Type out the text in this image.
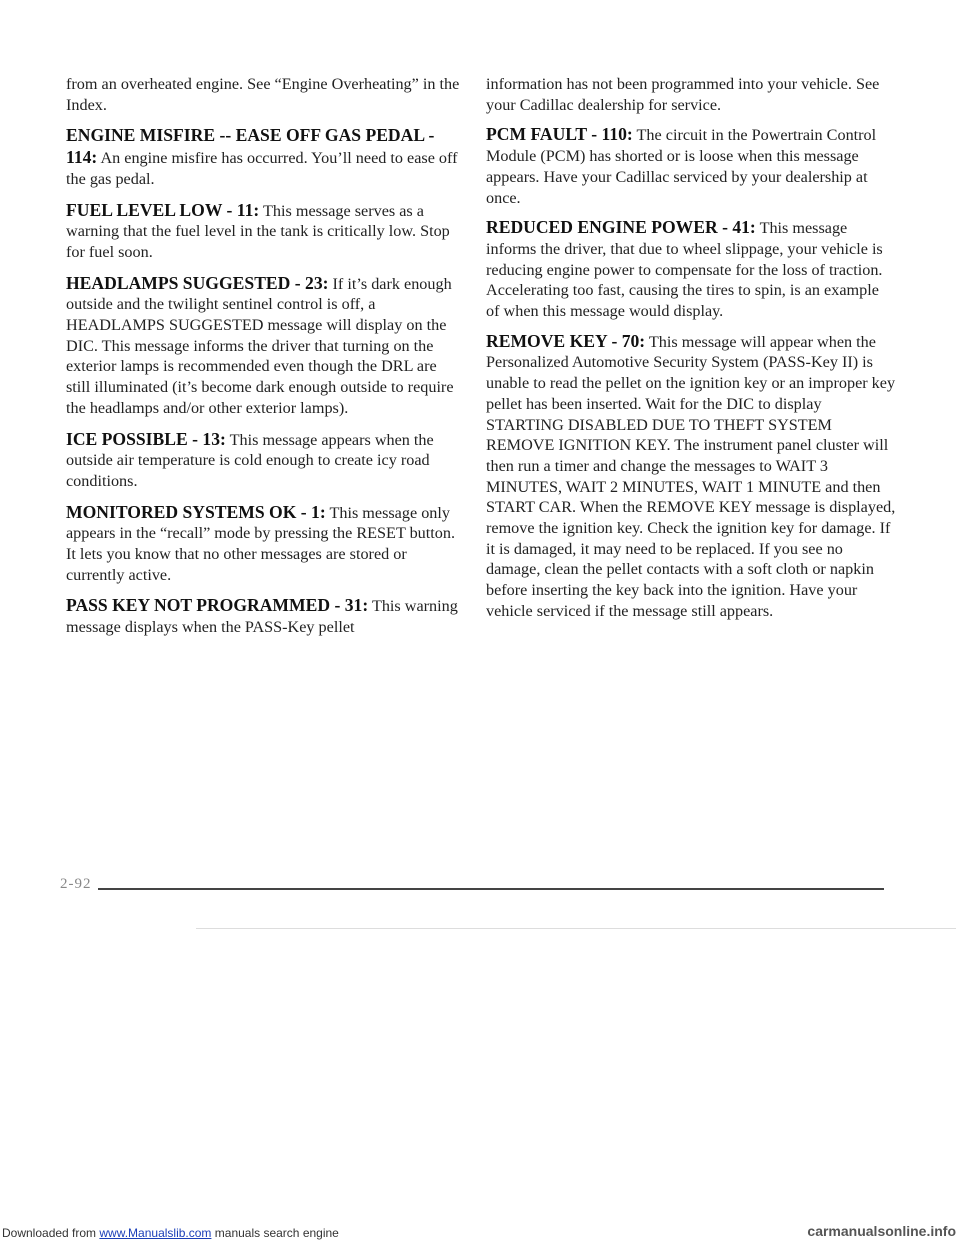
from an overheated engine. See “Engine Overheating” in the Index.

ENGINE MISFIRE -- EASE OFF GAS PEDAL - 114: An engine misfire has occurred. You’ll need to ease off the gas pedal.

FUEL LEVEL LOW - 11: This message serves as a warning that the fuel level in the tank is critically low. Stop for fuel soon.

HEADLAMPS SUGGESTED - 23: If it’s dark enough outside and the twilight sentinel control is off, a HEADLAMPS SUGGESTED message will display on the DIC. This message informs the driver that turning on the exterior lamps is recommended even though the DRL are still illuminated (it’s become dark enough outside to require the headlamps and/or other exterior lamps).

ICE POSSIBLE - 13: This message appears when the outside air temperature is cold enough to create icy road conditions.

MONITORED SYSTEMS OK - 1: This message only appears in the “recall” mode by pressing the RESET button. It lets you know that no other messages are stored or currently active.

PASS KEY NOT PROGRAMMED - 31: This warning message displays when the PASS-Key pellet

information has not been programmed into your vehicle. See your Cadillac dealership for service.

PCM FAULT - 110: The circuit in the Powertrain Control Module (PCM) has shorted or is loose when this message appears. Have your Cadillac serviced by your dealership at once.

REDUCED ENGINE POWER - 41: This message informs the driver, that due to wheel slippage, your vehicle is reducing engine power to compensate for the loss of traction. Accelerating too fast, causing the tires to spin, is an example of when this message would display.

REMOVE KEY - 70: This message will appear when the Personalized Automotive Security System (PASS-Key II) is unable to read the pellet on the ignition key or an improper key pellet has been inserted. Wait for the DIC to display STARTING DISABLED DUE TO THEFT SYSTEM REMOVE IGNITION KEY. The instrument panel cluster will then run a timer and change the messages to WAIT 3 MINUTES, WAIT 2 MINUTES, WAIT 1 MINUTE and then START CAR. When the REMOVE KEY message is displayed, remove the ignition key. Check the ignition key for damage. If it is damaged, it may need to be replaced. If you see no damage, clean the pellet contacts with a soft cloth or napkin before inserting the key back into the ignition. Have your vehicle serviced if the message still appears.

2-92
Downloaded from www.Manualslib.com manuals search engine	carmanualsonline.info
